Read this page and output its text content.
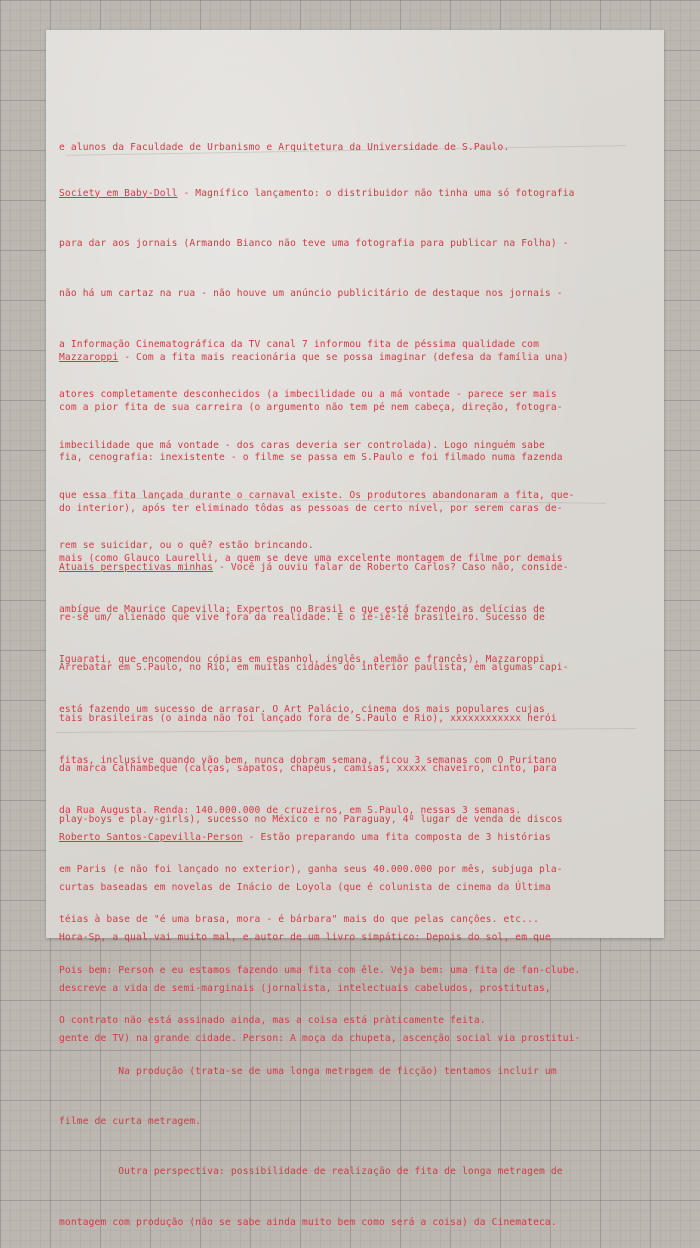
e alunos da Faculdade de Urbanismo e Arquitetura da Universidade de S.Paulo.

Society em Baby-Doll - Magnífico lançamento: o distribuidor não tinha uma só fotografia

para dar aos jornais (Armando Bianco não teve uma fotografia para publicar na Folha) -

não há um cartaz na rua - não houve um anúncio publicitário de destaque nos jornais -

a Informação Cinematográfica da TV canal 7 informou fita de péssima qualidade com

atores completamente desconhecidos (a imbecilidade ou a má vontade - parece ser mais

imbecilidade que má vontade - dos caras deveria ser controlada). Logo ninguém sabe

que essa fita lançada durante o carnaval existe. Os produtores abandonaram a fita, que-

rem se suicidar, ou o quê? estão brincando.

Mazzaroppi - Com a fita mais reacionária que se possa imaginar (defesa da família una)

com a pior fita de sua carreira (o argumento não tem pé nem cabeça, direção, fotogra-

fia, cenografia: inexistente - o filme se passa em S.Paulo e foi filmado numa fazenda

do interior), após ter eliminado tôdas as pessoas de certo nível, por serem caras de-

mais (como Glauco Laurelli, a quem se deve uma excelente montagem de filme por demais

ambígue de Maurice Capevilla: Expertos no Brasil e que está fazendo as delícias de

Iguarati, que encomendou cópias em espanhol, inglês, alemão e francês), Mazzaroppi

está fazendo um sucesso de arrasar. O Art Palácio, cinema dos mais populares cujas

fitas, inclusive quando vão bem, nunca dobram semana, ficou 3 semanas com O Puritano

da Rua Augusta. Renda: 140.000.000 de cruzeiros, em S.Paulo, nessas 3 semanas.

Atuais perspectivas minhas - Você já ouviu falar de Roberto Carlos? Caso não, conside-

re-se um/ alienado que vive fora da realidade. É o iê-iê-iê brasileiro. Sucesso de

Arrebatar em S.Paulo, no Rio, em muitas cidades do interior paulista, em algumas capi-

tais brasileiras (o ainda não foi lançado fora de S.Paulo e Rio), xxxxxxxxxxxx herói

da marca Calhambeque (calças, sapatos, chapéus, camisas, xxxxx chaveiro, cinto, para

play-boys e play-girls), sucesso no México e no Paraguay, 4º lugar de venda de discos

em Paris (e não foi lançado no exterior), ganha seus 40.000.000 por mês, subjuga pla-

téias à base de "é uma brasa, mora - é bárbara" mais do que pelas canções. etc...

Pois bem: Person e eu estamos fazendo uma fita com êle. Veja bem: uma fita de fan-clube.

O contrato não está assinado ainda, mas a coisa está pràticamente feita.

Na produção (trata-se de uma longa metragem de ficção) tentamos incluir um

filme de curta metragem.

Outra perspectiva: possibilidade de realização de fita de longa metragem de

montagem com produção (não se sabe ainda muito bem como será a coisa) da Cinemateca.

Roberto Santos-Capevilla-Person - Estão preparando uma fita composta de 3 histórias

curtas baseadas em novelas de Inácio de Loyola (que é colunista de cinema da Última

Hora-Sp, a qual vai muito mal, e autor de um livro simpático: Depois do sol, em que

descreve a vida de semi-marginais (jornalista, intelectuais cabeludos, prostitutas,

gente de TV) na grande cidade. Person: A moça da chupeta, ascenção social via prostitui-
